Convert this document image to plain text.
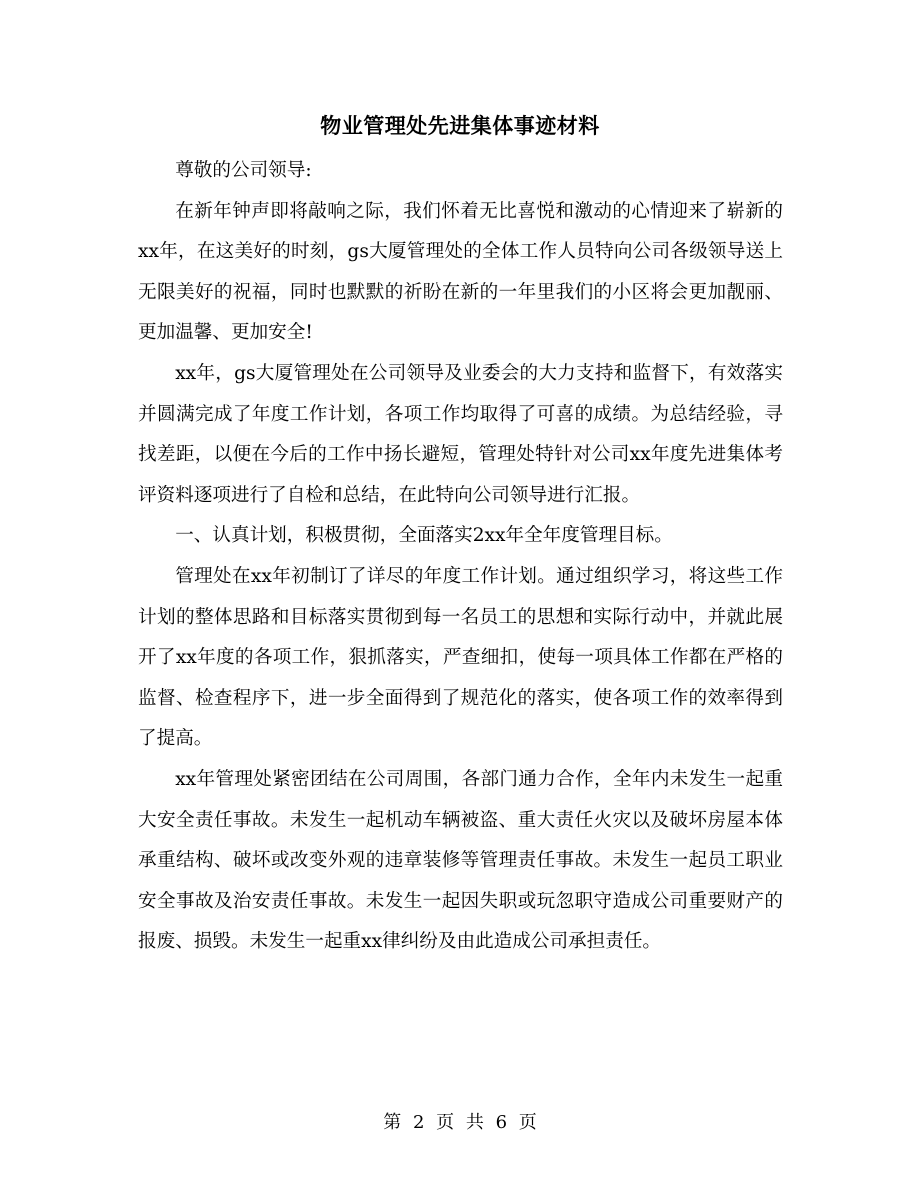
物业管理处先进集体事迹材料

尊敬的公司领导:

在新年钟声即将敲响之际，我们怀着无比喜悦和激动的心情迎来了崭新的xx年，在这美好的时刻，gs大厦管理处的全体工作人员特向公司各级领导送上无限美好的祝福，同时也默默的祈盼在新的一年里我们的小区将会更加靓丽、更加温馨、更加安全!

xx年，gs大厦管理处在公司领导及业委会的大力支持和监督下，有效落实并圆满完成了年度工作计划，各项工作均取得了可喜的成绩。为总结经验，寻找差距，以便在今后的工作中扬长避短，管理处特针对公司xx年度先进集体考评资料逐项进行了自检和总结，在此特向公司领导进行汇报。

一、认真计划，积极贯彻，全面落实2xx年全年度管理目标。

管理处在xx年初制订了详尽的年度工作计划。通过组织学习，将这些工作计划的整体思路和目标落实贯彻到每一名员工的思想和实际行动中，并就此展开了xx年度的各项工作，狠抓落实，严查细扣，使每一项具体工作都在严格的监督、检查程序下，进一步全面得到了规范化的落实，使各项工作的效率得到了提高。

xx年管理处紧密团结在公司周围，各部门通力合作，全年内未发生一起重大安全责任事故。未发生一起机动车辆被盗、重大责任火灾以及破坏房屋本体承重结构、破坏或改变外观的违章装修等管理责任事故。未发生一起员工职业安全事故及治安责任事故。未发生一起因失职或玩忽职守造成公司重要财产的报废、损毁。未发生一起重xx律纠纷及由此造成公司承担责任。

第 2 页 共 6 页
